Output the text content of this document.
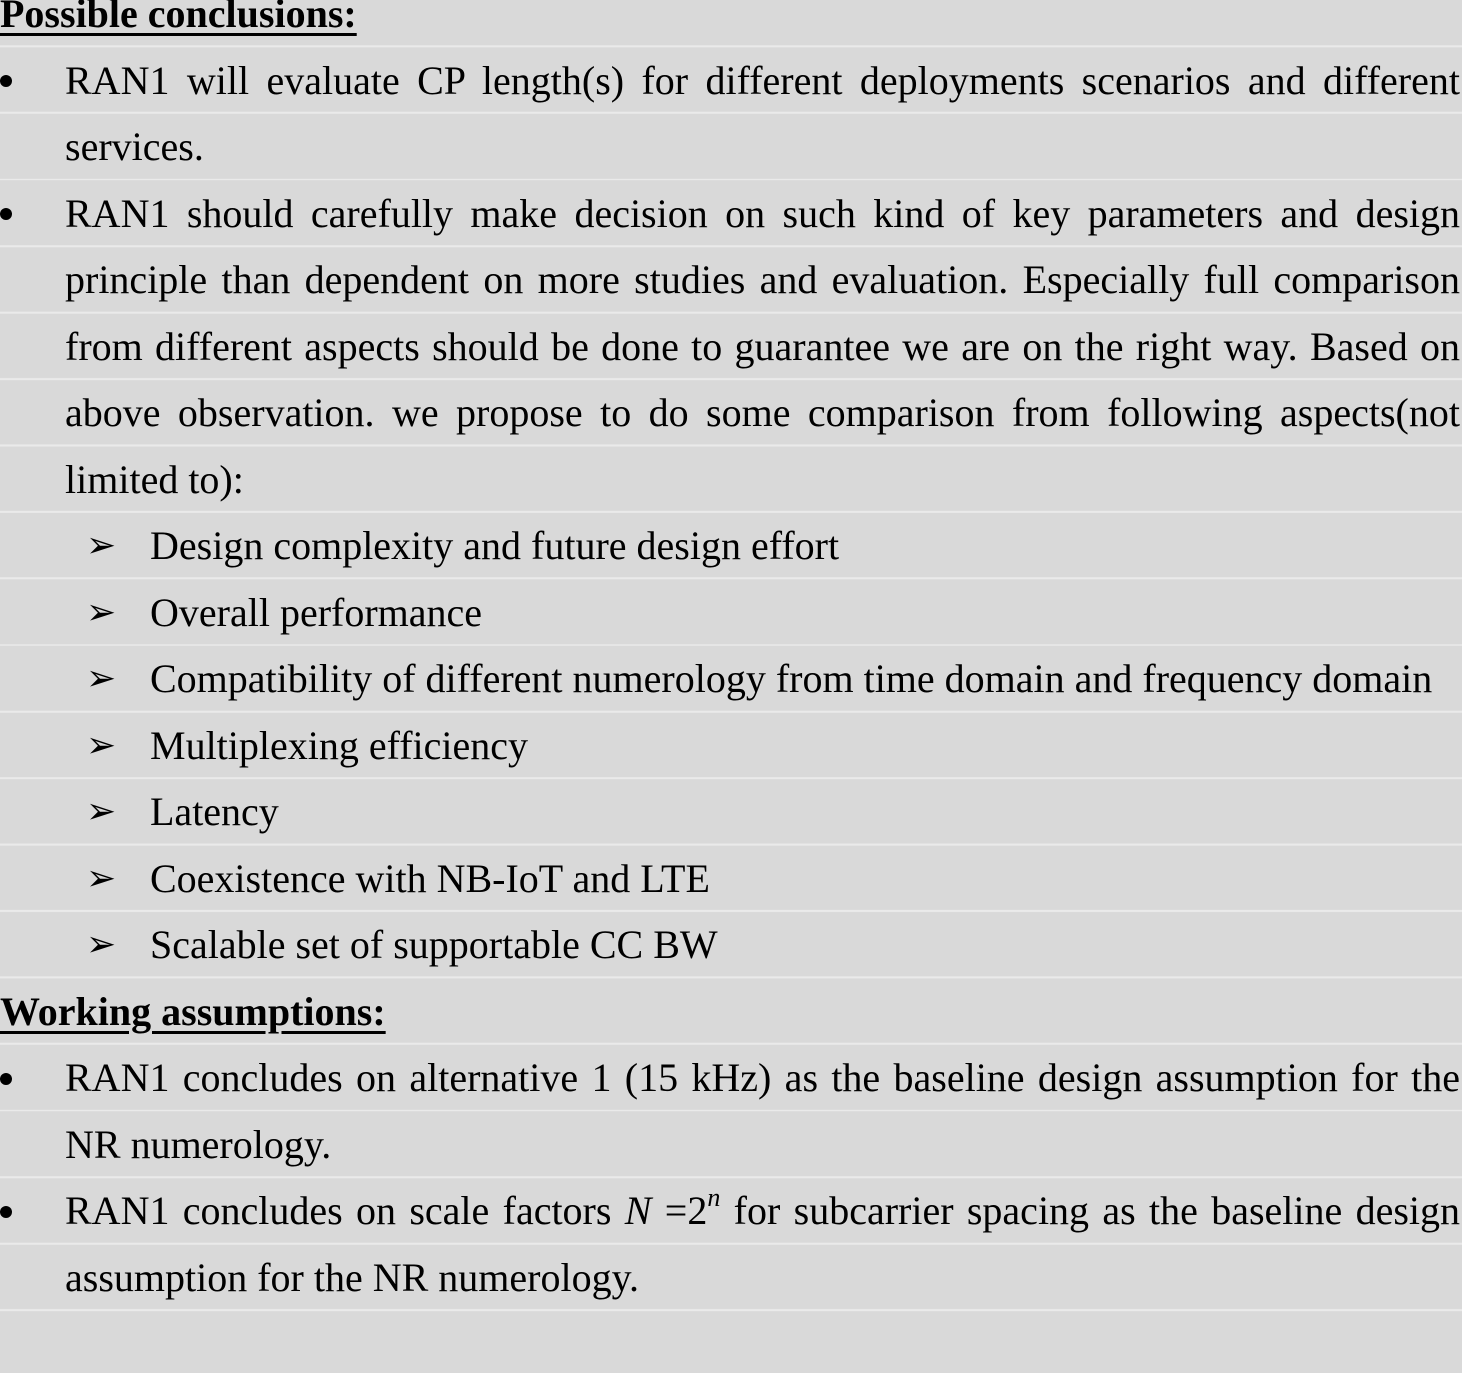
Possible conclusions:
RAN1 will evaluate CP length(s) for different deployments scenarios and different services.
RAN1 should carefully make decision on such kind of key parameters and design principle than dependent on more studies and evaluation. Especially full comparison from different aspects should be done to guarantee we are on the right way. Based on above observation. we propose to do some comparison from following aspects(not limited to):
➢ Design complexity and future design effort
➢ Overall performance
➢ Compatibility of different numerology from time domain and frequency domain
➢ Multiplexing efficiency
➢ Latency
➢ Coexistence with NB-IoT and LTE
➢ Scalable set of supportable CC BW
Working assumptions:
RAN1 concludes on alternative 1 (15 kHz) as the baseline design assumption for the NR numerology.
RAN1 concludes on scale factors $N =2^n$ for subcarrier spacing as the baseline design assumption for the NR numerology.
